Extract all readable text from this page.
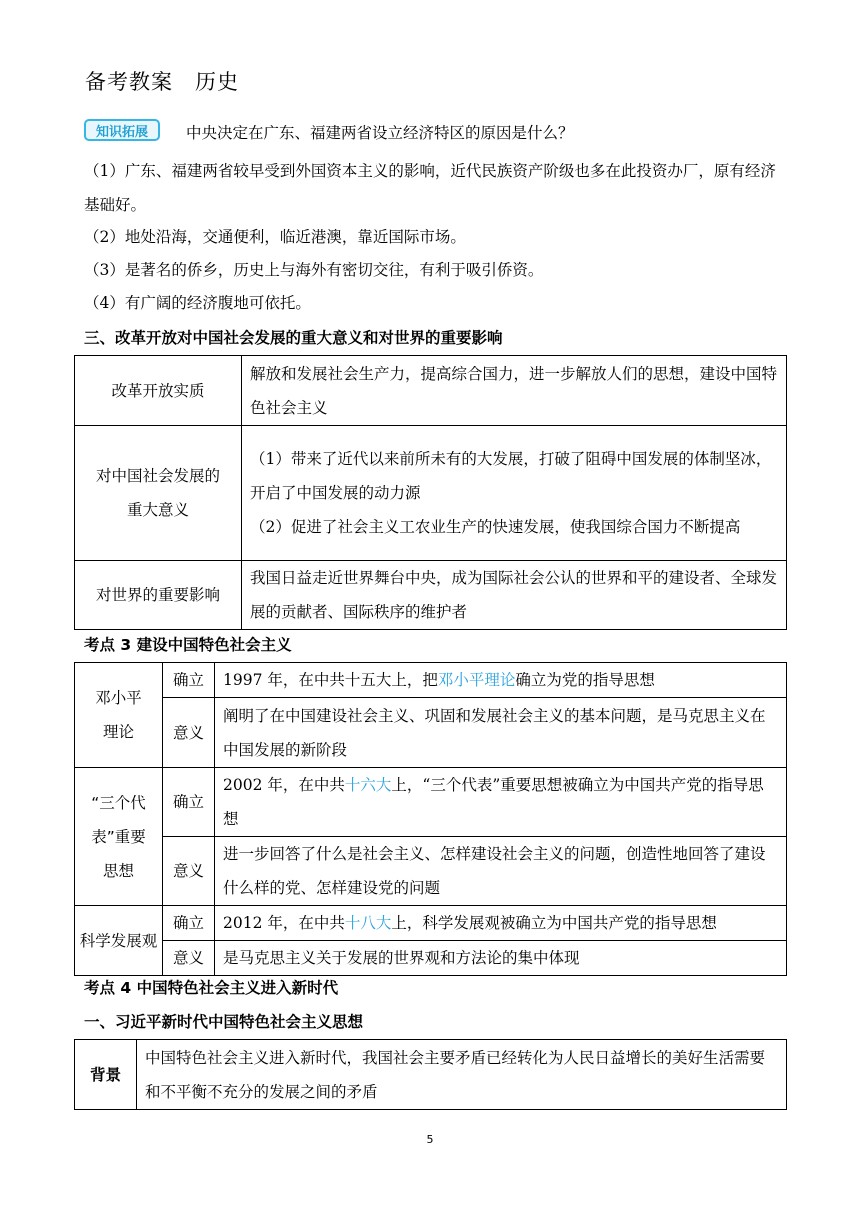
备考教案 历史
知识拓展	中央决定在广东、福建两省设立经济特区的原因是什么？
（1）广东、福建两省较早受到外国资本主义的影响，近代民族资产阶级也多在此投资办厂，原有经济基础好。
（2）地处沿海，交通便利，临近港澳，靠近国际市场。
（3）是著名的侨乡，历史上与海外有密切交往，有利于吸引侨资。
（4）有广阔的经济腹地可依托。
三、改革开放对中国社会发展的重大意义和对世界的重要影响
改革开放实质	解放和发展社会生产力，提高综合国力，进一步解放人们的思想，建设中国特色社会主义
对中国社会发展的重大意义	（1）带来了近代以来前所未有的大发展，打破了阻碍中国发展的体制坚冰，开启了中国发展的动力源
（2）促进了社会主义工农业生产的快速发展，使我国综合国力不断提高

对世界的重要影响	我国日益走近世界舞台中央，成为国际社会公认的世界和平的建设者、全球发展的贡献者、国际秩序的维护者
考点 3 建设中国特色社会主义
邓小平理论	确立	1997 年，在中共十五大上，把邓小平理论确立为党的指导思想
	意义	阐明了在中国建设社会主义、巩固和发展社会主义的基本问题，是马克思主义在中国发展的新阶段
“三个代表”重要思想	确立	2002 年，在中共十六大上，“三个代表”重要思想被确立为中国共产党的指导思想
	意义	进一步回答了什么是社会主义、怎样建设社会主义的问题，创造性地回答了建设什么样的党、怎样建设党的问题
科学发展观	确立	2012 年，在中共十八大上，科学发展观被确立为中国共产党的指导思想
	意义	是马克思主义关于发展的世界观和方法论的集中体现
考点 4 中国特色社会主义进入新时代
一、习近平新时代中国特色社会主义思想
背景	中国特色社会主义进入新时代，我国社会主要矛盾已经转化为人民日益增长的美好生活需要和不平衡不充分的发展之间的矛盾
5
